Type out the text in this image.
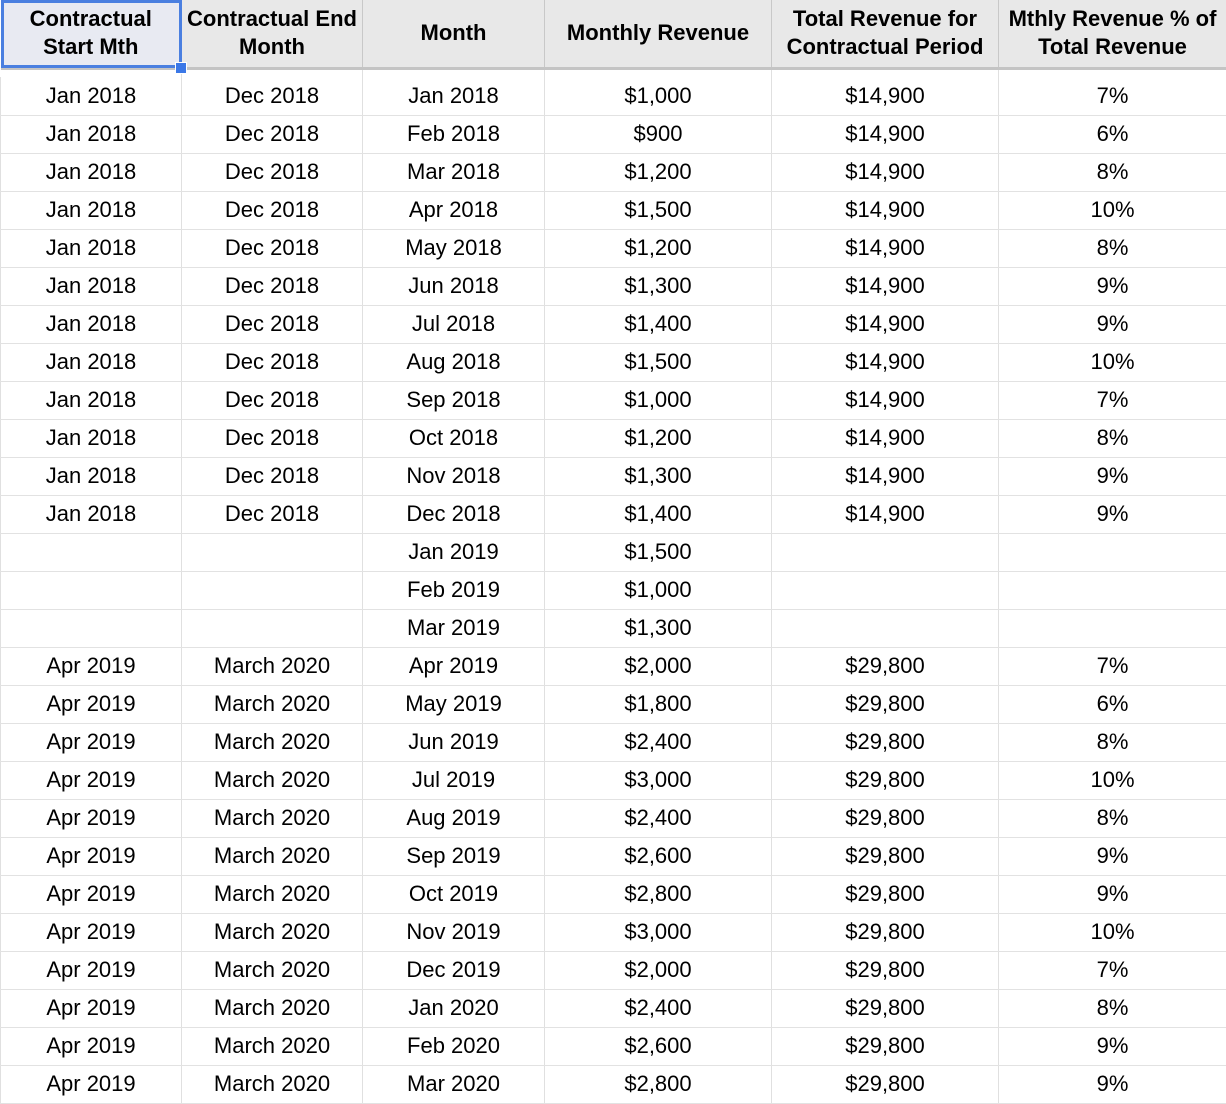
Contractual Start Mth	Contractual End Month	Month	Monthly Revenue	Total Revenue for Contractual Period	Mthly Revenue % of Total Revenue

Jan 2018	Dec 2018	Jan 2018	$1,000	$14,900	7%
Jan 2018	Dec 2018	Feb 2018	$900	$14,900	6%
Jan 2018	Dec 2018	Mar 2018	$1,200	$14,900	8%
Jan 2018	Dec 2018	Apr 2018	$1,500	$14,900	10%
Jan 2018	Dec 2018	May 2018	$1,200	$14,900	8%
Jan 2018	Dec 2018	Jun 2018	$1,300	$14,900	9%
Jan 2018	Dec 2018	Jul 2018	$1,400	$14,900	9%
Jan 2018	Dec 2018	Aug 2018	$1,500	$14,900	10%
Jan 2018	Dec 2018	Sep 2018	$1,000	$14,900	7%
Jan 2018	Dec 2018	Oct 2018	$1,200	$14,900	8%
Jan 2018	Dec 2018	Nov 2018	$1,300	$14,900	9%
Jan 2018	Dec 2018	Dec 2018	$1,400	$14,900	9%
		Jan 2019	$1,500		
		Feb 2019	$1,000		
		Mar 2019	$1,300		
Apr 2019	March 2020	Apr 2019	$2,000	$29,800	7%
Apr 2019	March 2020	May 2019	$1,800	$29,800	6%
Apr 2019	March 2020	Jun 2019	$2,400	$29,800	8%
Apr 2019	March 2020	Jul 2019	$3,000	$29,800	10%
Apr 2019	March 2020	Aug 2019	$2,400	$29,800	8%
Apr 2019	March 2020	Sep 2019	$2,600	$29,800	9%
Apr 2019	March 2020	Oct 2019	$2,800	$29,800	9%
Apr 2019	March 2020	Nov 2019	$3,000	$29,800	10%
Apr 2019	March 2020	Dec 2019	$2,000	$29,800	7%
Apr 2019	March 2020	Jan 2020	$2,400	$29,800	8%
Apr 2019	March 2020	Feb 2020	$2,600	$29,800	9%
Apr 2019	March 2020	Mar 2020	$2,800	$29,800	9%
